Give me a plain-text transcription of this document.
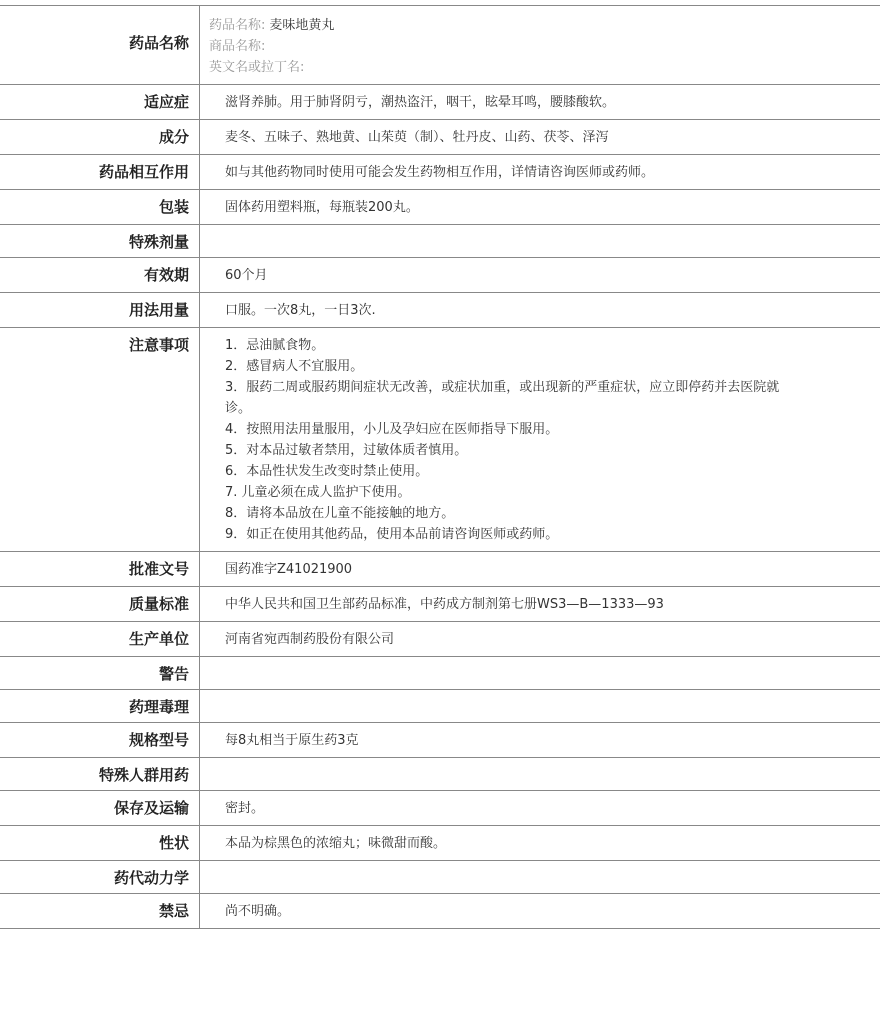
药品名称
药品名称: 麦味地黄丸
商品名称:
英文名或拉丁名:
适应症	滋肾养肺。用于肺肾阴亏，潮热盗汗，咽干，眩晕耳鸣，腰膝酸软。
成分	麦冬、五味子、熟地黄、山茱萸（制）、牡丹皮、山药、茯苓、泽泻
药品相互作用	如与其他药物同时使用可能会发生药物相互作用，详情请咨询医师或药师。
包装	固体药用塑料瓶，每瓶装200丸。
特殊剂量
有效期	60个月
用法用量	口服。一次8丸，一日3次.
注意事项	1．忌油腻食物。
2．感冒病人不宜服用。
3．服药二周或服药期间症状无改善，或症状加重，或出现新的严重症状，应立即停药并去医院就诊。
4．按照用法用量服用，小儿及孕妇应在医师指导下服用。
5．对本品过敏者禁用，过敏体质者慎用。
6．本品性状发生改变时禁止使用。
7. 儿童必须在成人监护下使用。
8．请将本品放在儿童不能接触的地方。
9．如正在使用其他药品，使用本品前请咨询医师或药师。
批准文号	国药准字Z41021900
质量标准	中华人民共和国卫生部药品标准，中药成方制剂第七册WS3—B—1333—93
生产单位	河南省宛西制药股份有限公司
警告
药理毒理
规格型号	每8丸相当于原生药3克
特殊人群用药
保存及运输	密封。
性状	本品为棕黑色的浓缩丸；味微甜而酸。
药代动力学
禁忌	尚不明确。
